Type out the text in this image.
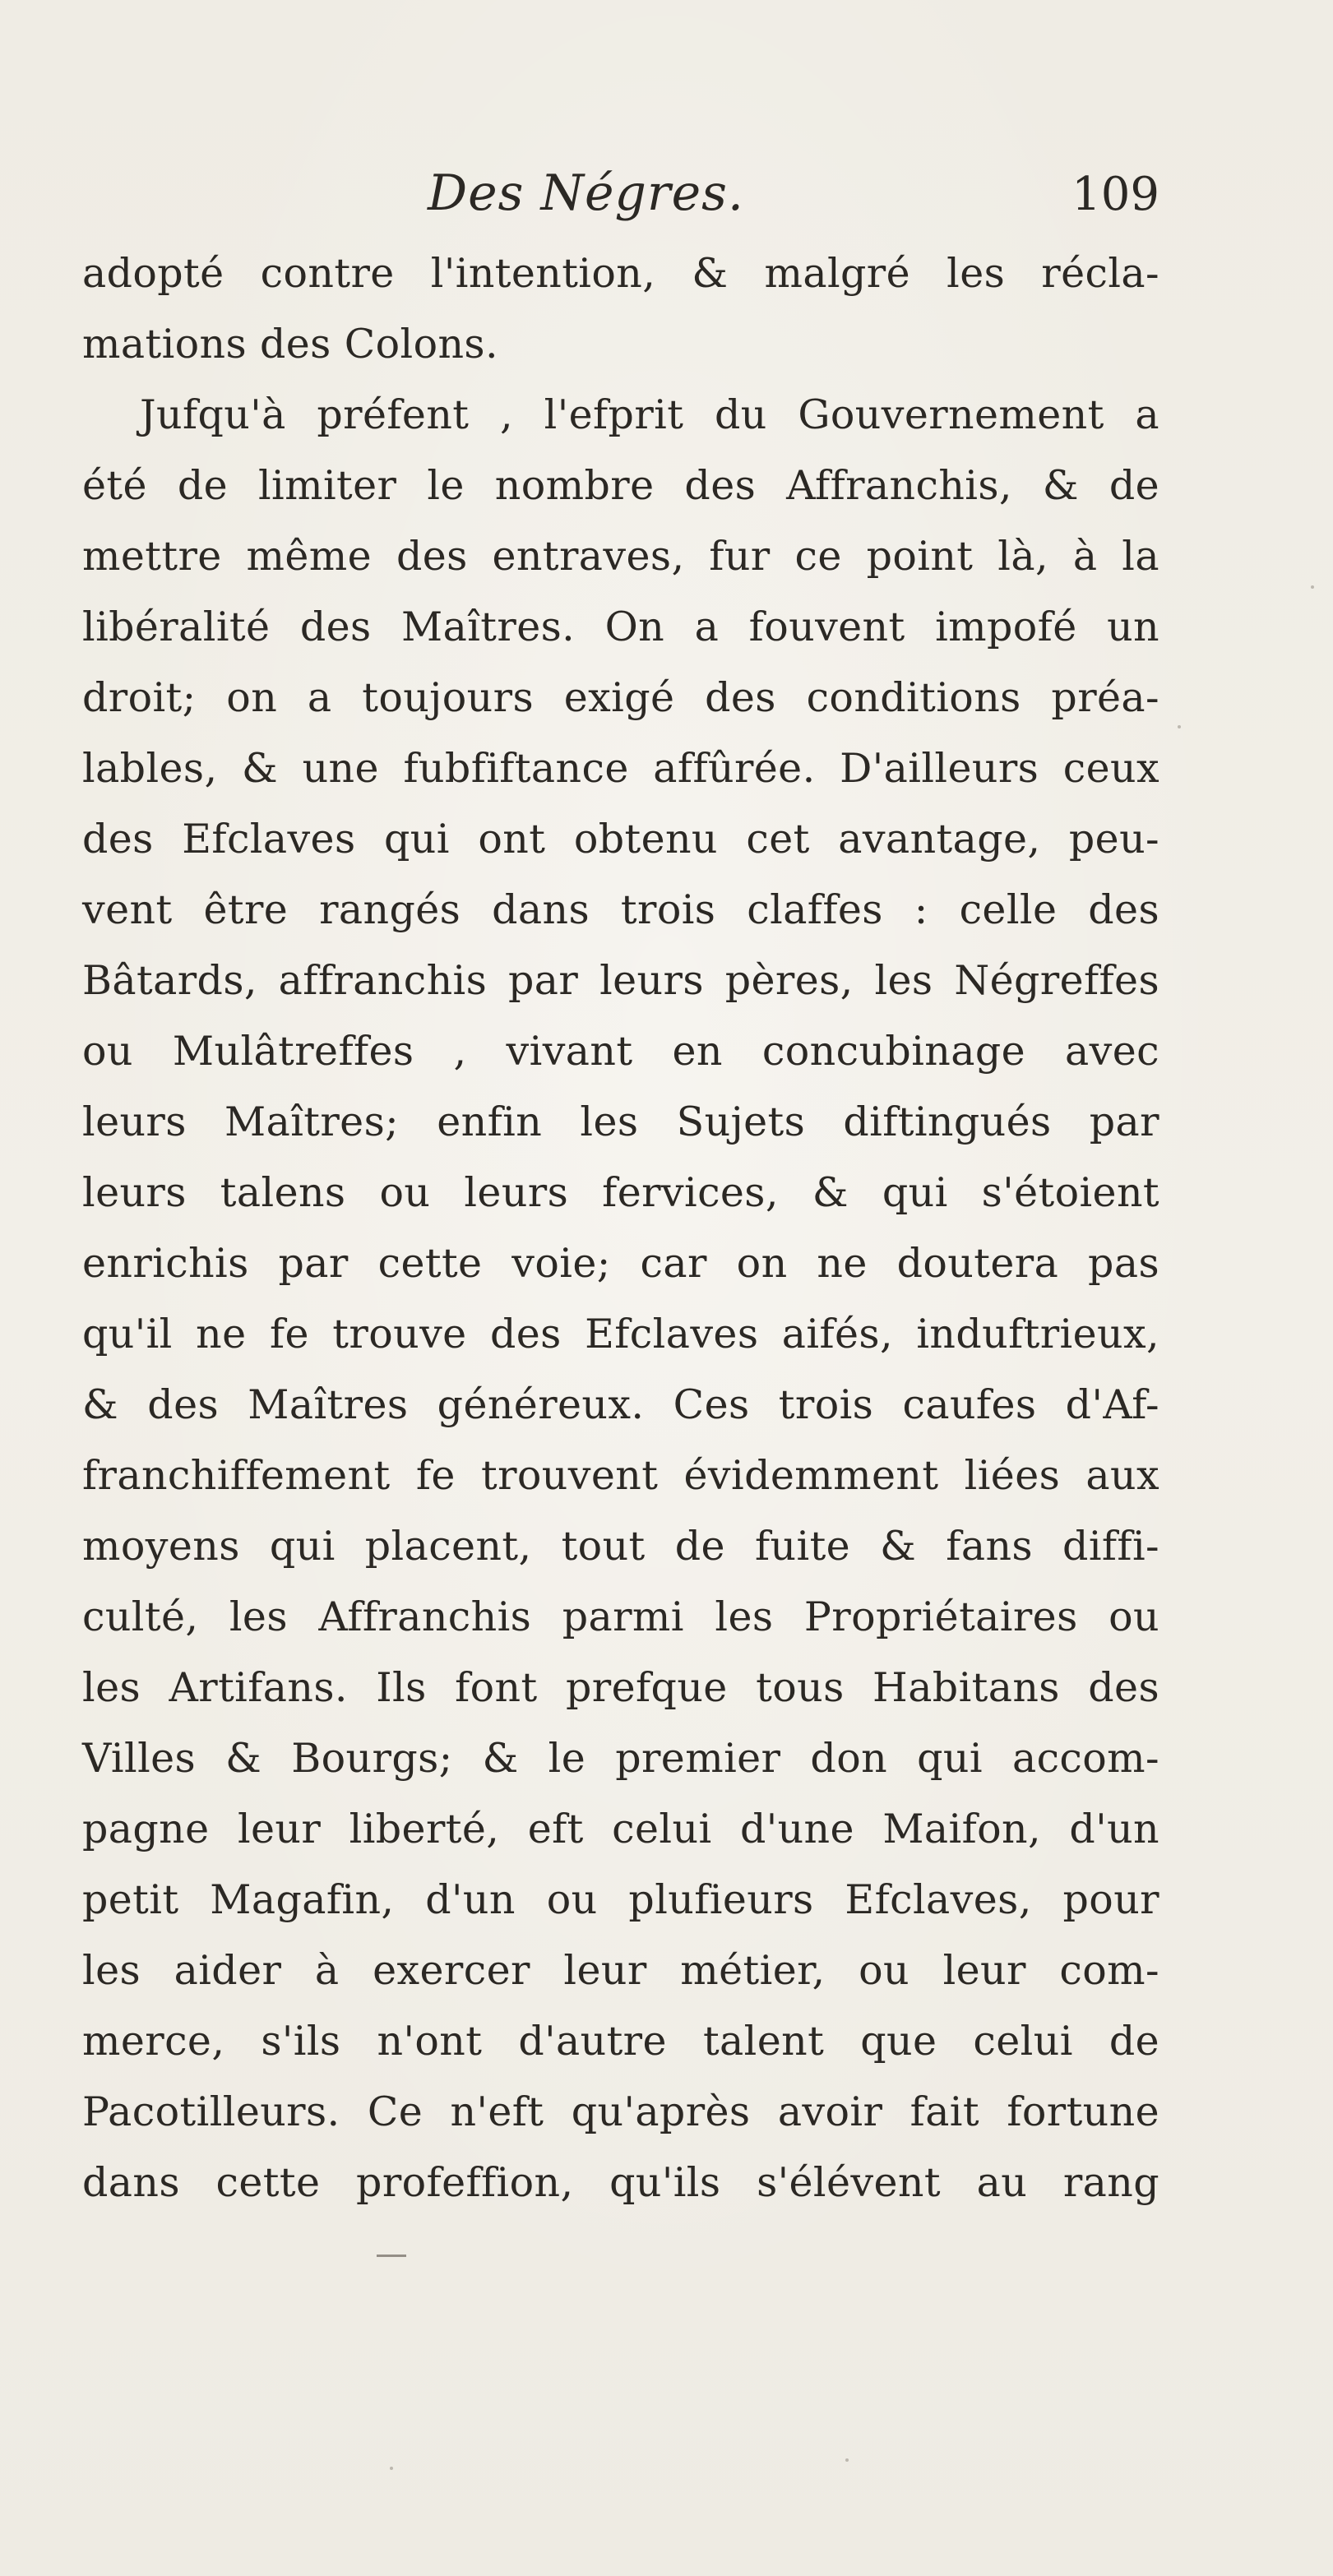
Des Négres.	109
adopté contre l'intention, & malgré les récla-
mations des Colons.
Jufqu'à préfent , l'efprit du Gouvernement a
été de limiter le nombre des Affranchis, & de
mettre même des entraves, fur ce point là, à la
libéralité des Maîtres. On a fouvent impofé un
droit; on a toujours exigé des conditions préa-
lables, & une fubfiftance affûrée. D'ailleurs ceux
des Efclaves qui ont obtenu cet avantage, peu-
vent être rangés dans trois claffes : celle des
Bâtards, affranchis par leurs pères, les Négreffes
ou Mulâtreffes , vivant en concubinage avec
leurs Maîtres; enfin les Sujets diftingués par
leurs talens ou leurs fervices, & qui s'étoient
enrichis par cette voie; car on ne doutera pas
qu'il ne fe trouve des Efclaves aifés, induftrieux,
& des Maîtres généreux. Ces trois caufes d'Af-
franchiffement fe trouvent évidemment liées aux
moyens qui placent, tout de fuite & fans diffi-
culté, les Affranchis parmi les Propriétaires ou
les Artifans. Ils font prefque tous Habitans des
Villes & Bourgs; & le premier don qui accom-
pagne leur liberté, eft celui d'une Maifon, d'un
petit Magafin, d'un ou plufieurs Efclaves, pour
les aider à exercer leur métier, ou leur com-
merce, s'ils n'ont d'autre talent que celui de
Pacotilleurs. Ce n'eft qu'après avoir fait fortune
dans cette profeffion, qu'ils s'élévent au rang
